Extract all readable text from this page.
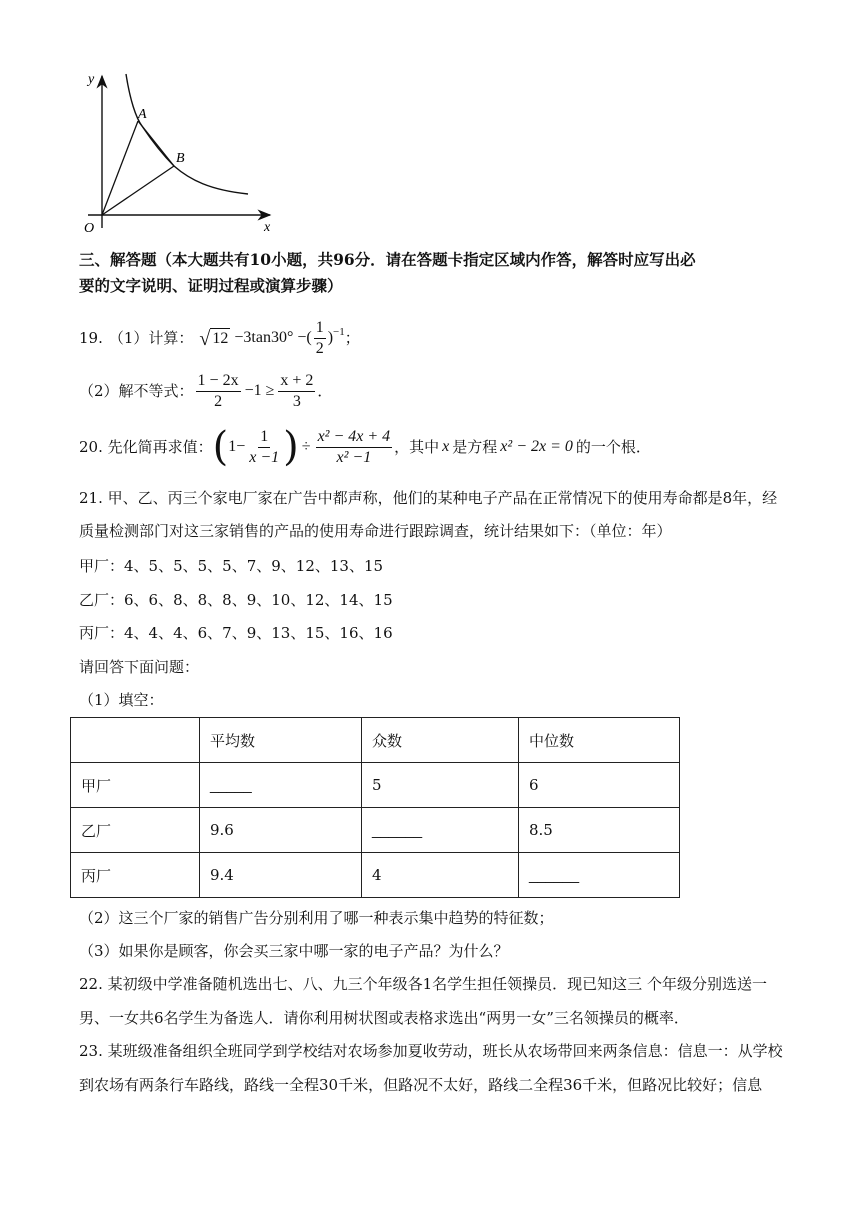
y
x
O
A
B
三、解答题（本大题共有10小题，共96分．请在答题卡指定区域内作答，解答时应写出必
要的文字说明、证明过程或演算步骤）
19. （1）计算： √ 12 −3tan30° −( $\frac{1}{2} )^{-1}$ ；
（2）解不等式： $\frac{1 - 2x}{2} -1 \ge \frac{x + 2}{3}$ ．
20. 先化简再求值： ( $1- \frac{1}{x -1}$ ) ÷ $\frac{\text{x² − 4x + 4}}{\text{x² −1}}$ ，其中 x 是方程 x² − 2x = 0 的一个根．
21. 甲、乙、丙三个家电厂家在广告中都声称，他们的某种电子产品在正常情况下的使用寿命都是8年，经
质量检测部门对这三家销售的产品的使用寿命进行跟踪调查，统计结果如下：（单位：年）
甲厂：4、5、5、5、5、7、9、12、13、15
乙厂：6、6、8、8、8、9、10、12、14、15
丙厂：4、4、4、6、7、9、13、15、16、16
请回答下面问题：
（1）填空：
	平均数	众数	中位数
甲厂	_____	5	6
乙厂	9.6	______	8.5
丙厂	9.4	4	______
（2）这三个厂家的销售广告分别利用了哪一种表示集中趋势的特征数；
（3）如果你是顾客，你会买三家中哪一家的电子产品？为什么？
22. 某初级中学准备随机选出七、八、九三个年级各1名学生担任领操员．现已知这三 个年级分别选送一
男、一女共6名学生为备选人．请你利用树状图或表格求选出“两男一女”三名领操员的概率．
23. 某班级准备组织全班同学到学校结对农场参加夏收劳动，班长从农场带回来两条信息：信息一：从学校
到农场有两条行车路线，路线一全程30千米，但路况不太好，路线二全程36千米，但路况比较好；信息
